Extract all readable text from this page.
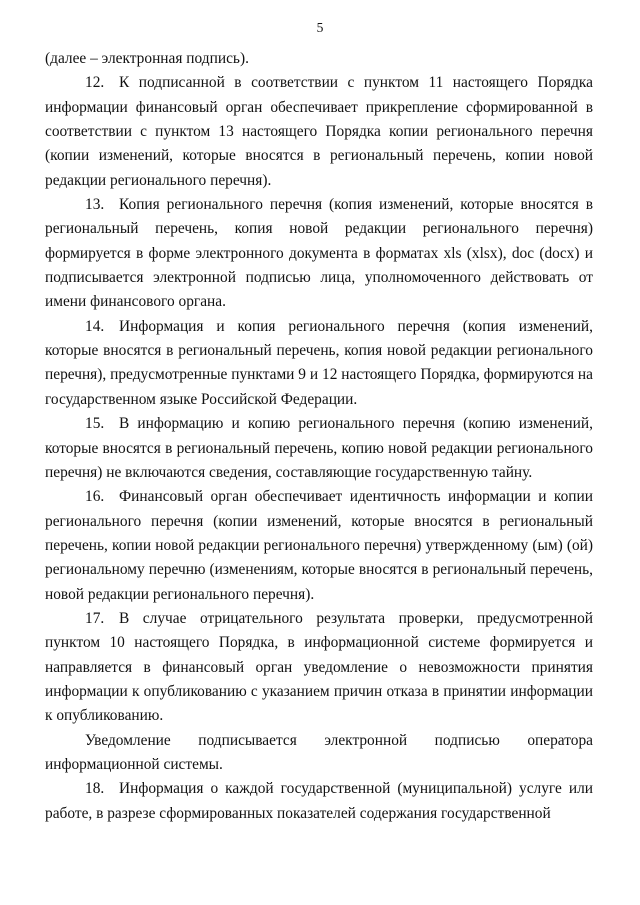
5

(далее – электронная подпись).

12. К подписанной в соответствии с пунктом 11 настоящего Порядка информации финансовый орган обеспечивает прикрепление сформированной в соответствии с пунктом 13 настоящего Порядка копии регионального перечня (копии изменений, которые вносятся в региональный перечень, копии новой редакции регионального перечня).

13. Копия регионального перечня (копия изменений, которые вносятся в региональный перечень, копия новой редакции регионального перечня) формируется в форме электронного документа в форматах xls (xlsx), doc (docx) и подписывается электронной подписью лица, уполномоченного действовать от имени финансового органа.

14. Информация и копия регионального перечня (копия изменений, которые вносятся в региональный перечень, копия новой редакции регионального перечня), предусмотренные пунктами 9 и 12 настоящего Порядка, формируются на государственном языке Российской Федерации.

15. В информацию и копию регионального перечня (копию изменений, которые вносятся в региональный перечень, копию новой редакции регионального перечня) не включаются сведения, составляющие государственную тайну.

16. Финансовый орган обеспечивает идентичность информации и копии регионального перечня (копии изменений, которые вносятся в региональный перечень, копии новой редакции регионального перечня) утвержденному (ым) (ой) региональному перечню (изменениям, которые вносятся в региональный перечень, новой редакции регионального перечня).

17. В случае отрицательного результата проверки, предусмотренной пунктом 10 настоящего Порядка, в информационной системе формируется и направляется в финансовый орган уведомление о невозможности принятия информации к опубликованию с указанием причин отказа в принятии информации к опубликованию.

Уведомление подписывается электронной подписью оператора информационной системы.

18. Информация о каждой государственной (муниципальной) услуге или работе, в разрезе сформированных показателей содержания государственной
